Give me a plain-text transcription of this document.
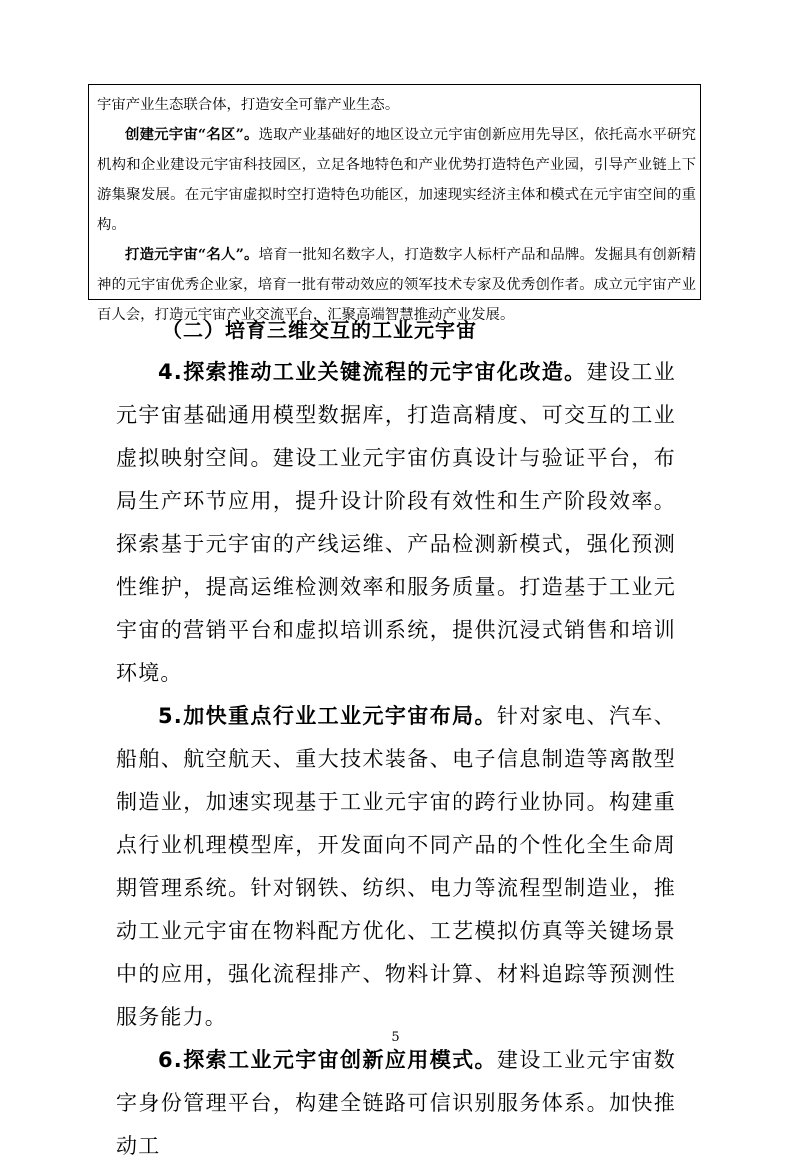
宇宙产业生态联合体，打造安全可靠产业生态。

创建元宇宙“名区”。选取产业基础好的地区设立元宇宙创新应用先导区，依托高水平研究机构和企业建设元宇宙科技园区，立足各地特色和产业优势打造特色产业园，引导产业链上下游集聚发展。在元宇宙虚拟时空打造特色功能区，加速现实经济主体和模式在元宇宙空间的重构。

打造元宇宙“名人”。培育一批知名数字人，打造数字人标杆产品和品牌。发掘具有创新精神的元宇宙优秀企业家，培育一批有带动效应的领军技术专家及优秀创作者。成立元宇宙产业百人会，打造元宇宙产业交流平台，汇聚高端智慧推动产业发展。

（二）培育三维交互的工业元宇宙

4.探索推动工业关键流程的元宇宙化改造。建设工业元宇宙基础通用模型数据库，打造高精度、可交互的工业虚拟映射空间。建设工业元宇宙仿真设计与验证平台，布局生产环节应用，提升设计阶段有效性和生产阶段效率。探索基于元宇宙的产线运维、产品检测新模式，强化预测性维护，提高运维检测效率和服务质量。打造基于工业元宇宙的营销平台和虚拟培训系统，提供沉浸式销售和培训环境。

5.加快重点行业工业元宇宙布局。针对家电、汽车、船舶、航空航天、重大技术装备、电子信息制造等离散型制造业，加速实现基于工业元宇宙的跨行业协同。构建重点行业机理模型库，开发面向不同产品的个性化全生命周期管理系统。针对钢铁、纺织、电力等流程型制造业，推动工业元宇宙在物料配方优化、工艺模拟仿真等关键场景中的应用，强化流程排产、物料计算、材料追踪等预测性服务能力。

6.探索工业元宇宙创新应用模式。建设工业元宇宙数字身份管理平台，构建全链路可信识别服务体系。加快推动工

5
